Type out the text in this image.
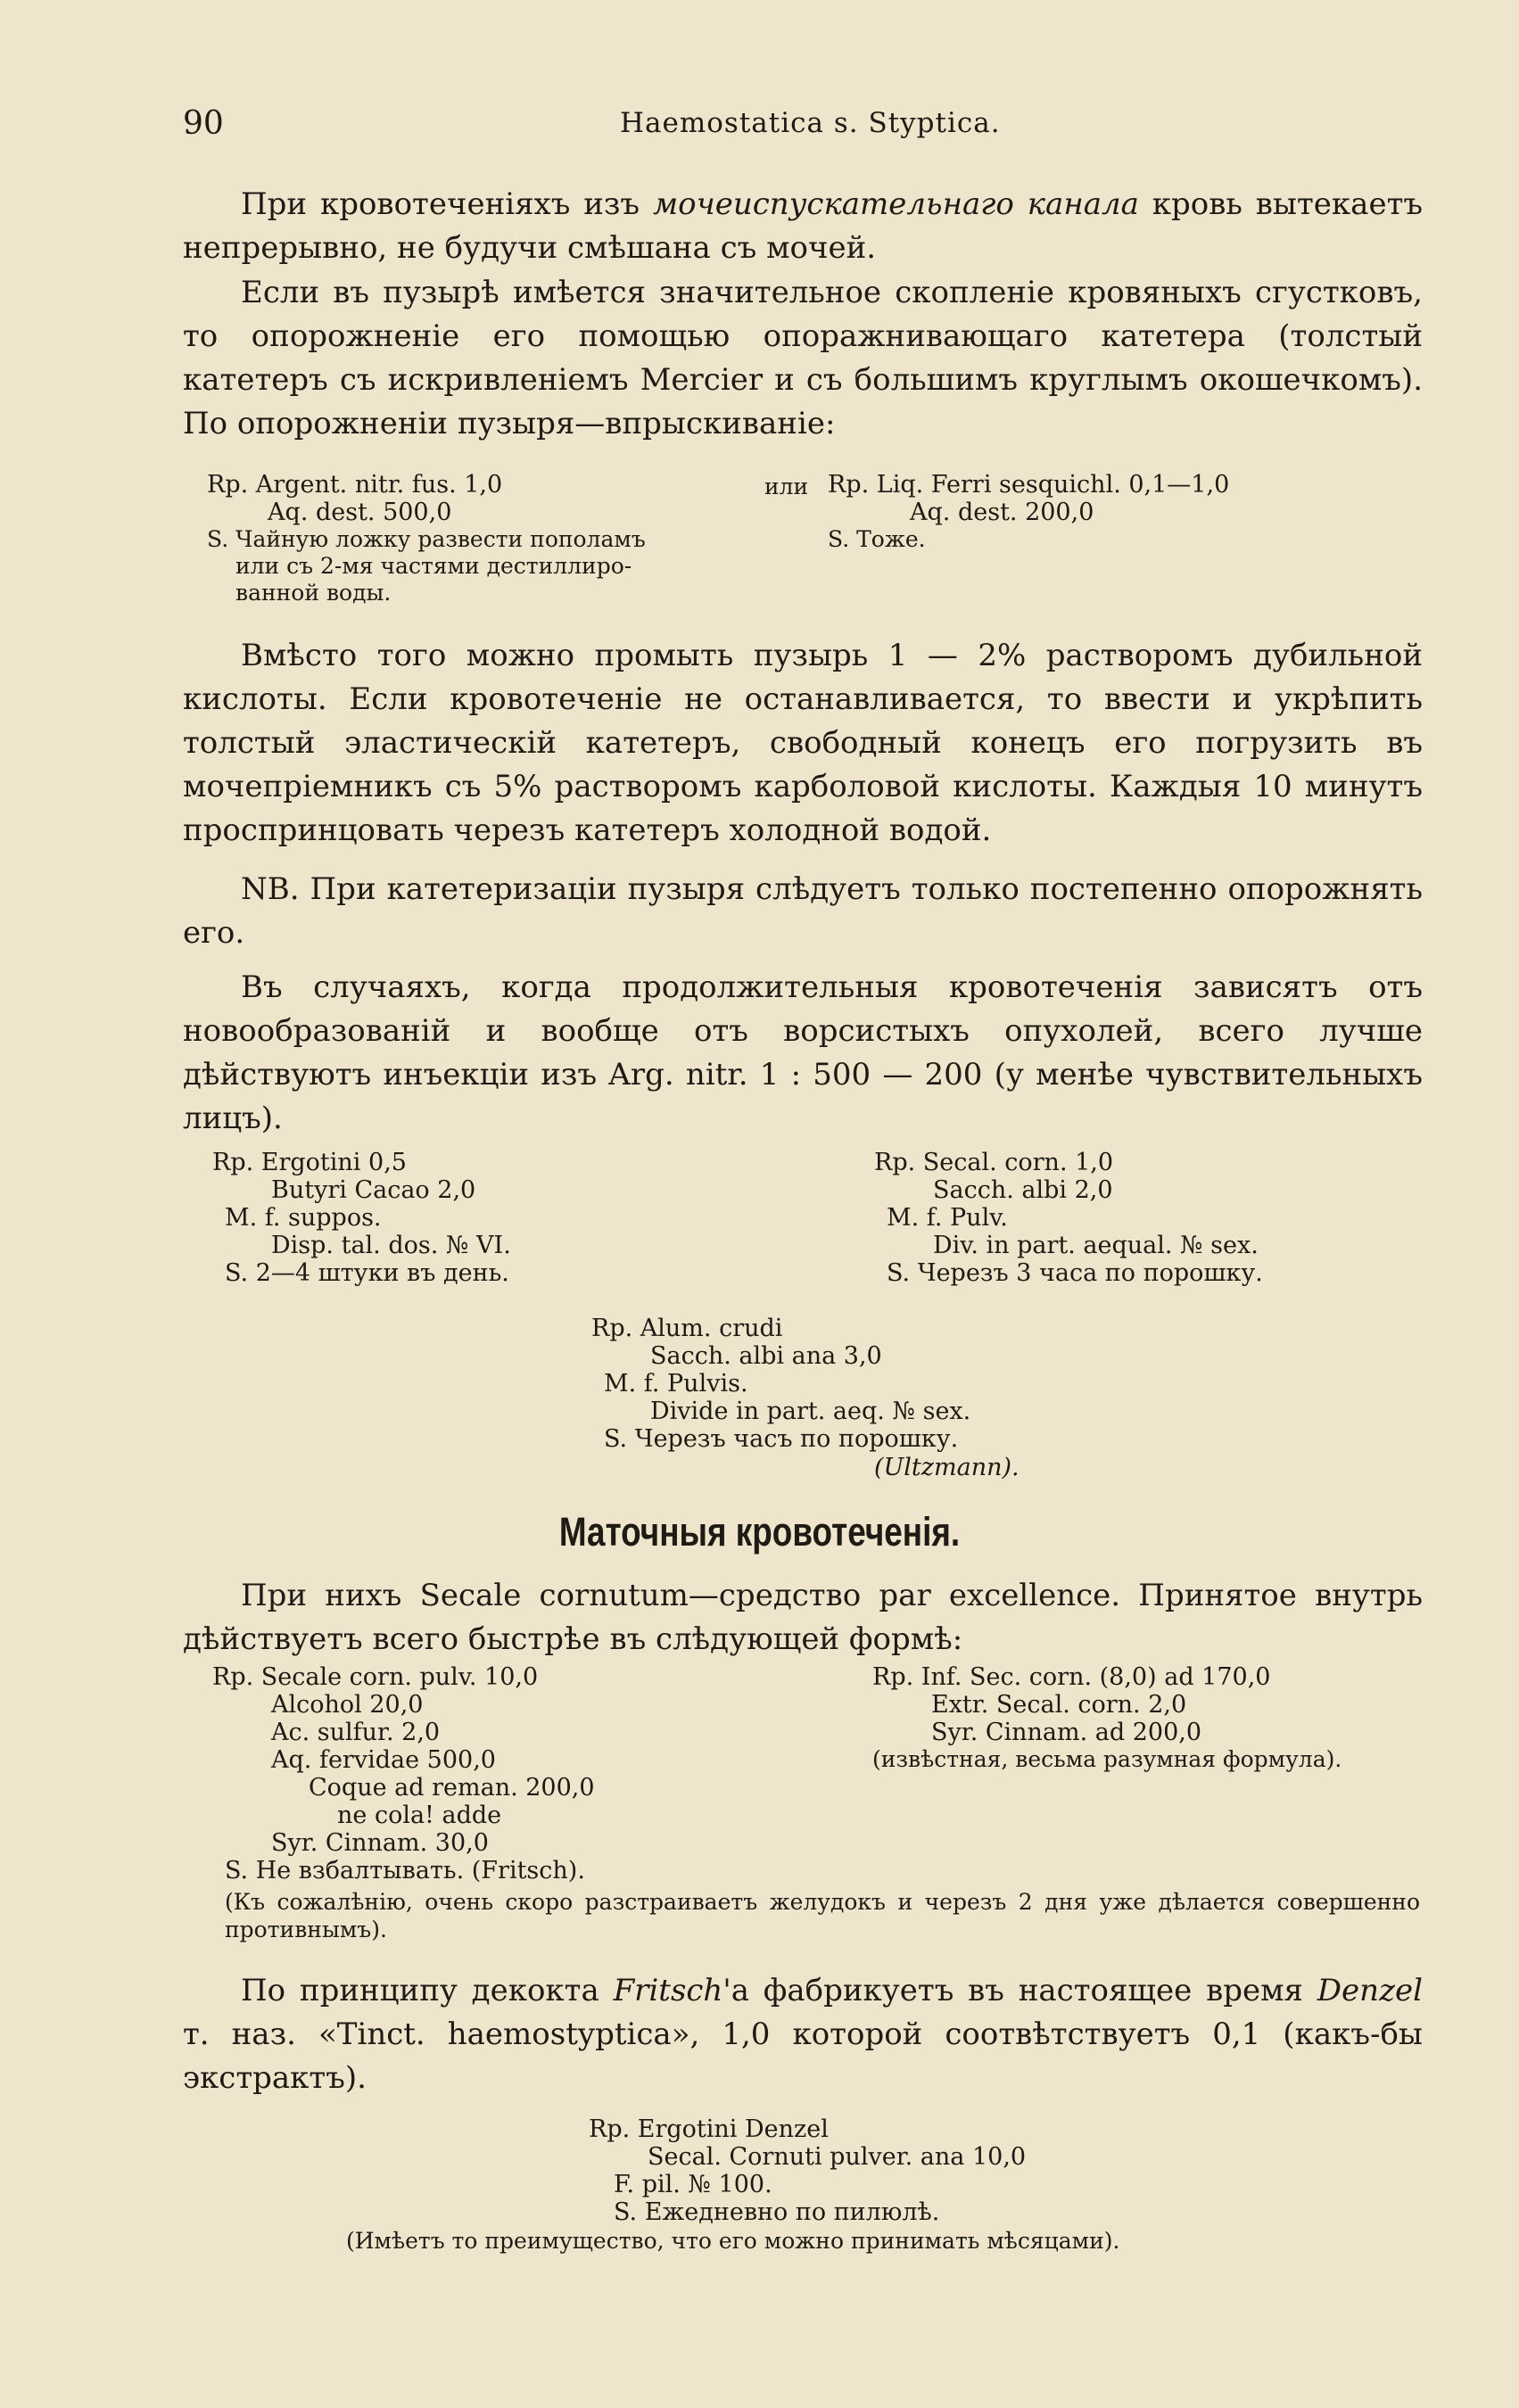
90	Haemostatica s. Styptica.
При кровотеченіяхъ изъ мочеиспускательнаго канала кровь вытекаетъ непрерывно, не будучи смѣшана съ мочей.
Если въ пузырѣ имѣется значительное скопленіе кровяныхъ сгустковъ, то опорожненіе его помощью опоражнивающаго катетера (толстый катетеръ съ искривленіемъ Mercier и съ большимъ круглымъ окошечкомъ). По опорожненіи пузыря—впрыскиваніе:
Rp. Argent. nitr. fus. 1,0
Aq. dest. 500,0
S. Чайную ложку развести пополамъ
или съ 2-мя частями дестиллиро-
ванной воды.
или Rp. Liq. Ferri sesquichl. 0,1—1,0
Aq. dest. 200,0
S. Тоже.
Вмѣсто того можно промыть пузырь 1 — 2% растворомъ дубильной кислоты. Если кровотеченіе не останавливается, то ввести и укрѣпить толстый эластическій катетеръ, свободный конецъ его погрузить въ мочепріемникъ съ 5% растворомъ карболовой кислоты. Каждыя 10 минутъ проспринцовать черезъ катетеръ холодной водой.
NB. При катетеризаціи пузыря слѣдуетъ только постепенно опорожнять его.
Въ случаяхъ, когда продолжительныя кровотеченія зависятъ отъ новообразованій и вообще отъ ворсистыхъ опухолей, всего лучше дѣйствуютъ инъекціи изъ Arg. nitr. 1 : 500 — 200 (у менѣе чувствительныхъ лицъ).
Rp. Ergotini 0,5
Butyri Cacao 2,0
M. f. suppos.
Disp. tal. dos. № VI.
S. 2—4 штуки въ день.
Rp. Secal. corn. 1,0
Sacch. albi 2,0
M. f. Pulv.
Div. in part. aequal. № sex.
S. Черезъ 3 часа по порошку.
Rp. Alum. crudi
Sacch. albi ana 3,0
M. f. Pulvis.
Divide in part. aeq. № sex.
S. Черезъ часъ по порошку.
(Ultzmann).
Маточныя кровотеченія.
При нихъ Secale cornutum—средство par excellence. Принятое внутрь дѣйствуетъ всего быстрѣе въ слѣдующей формѣ:
Rp. Secale corn. pulv. 10,0
Alcohol 20,0
Ac. sulfur. 2,0
Aq. fervidae 500,0
Coque ad reman. 200,0
ne cola! adde
Syr. Cinnam. 30,0
S. Не взбалтывать. (Fritsch).
Rp. Inf. Sec. corn. (8,0) ad 170,0
Extr. Secal. corn. 2,0
Syr. Cinnam. ad 200,0
(извѣстная, весьма разумная формула).
(Къ сожалѣнію, очень скоро разстраиваетъ желудокъ и черезъ 2 дня уже дѣлается совершенно противнымъ).
По принципу декокта Fritsch'а фабрикуетъ въ настоящее время Denzel т. наз. «Tinct. haemostyptica», 1,0 которой соотвѣтствуетъ 0,1 (какъ-бы экстрактъ).
Rp. Ergotini Denzel
Secal. Cornuti pulver. ana 10,0
F. pil. № 100.
S. Ежедневно по пилюлѣ.
(Имѣетъ то преимущество, что его можно принимать мѣсяцами).
